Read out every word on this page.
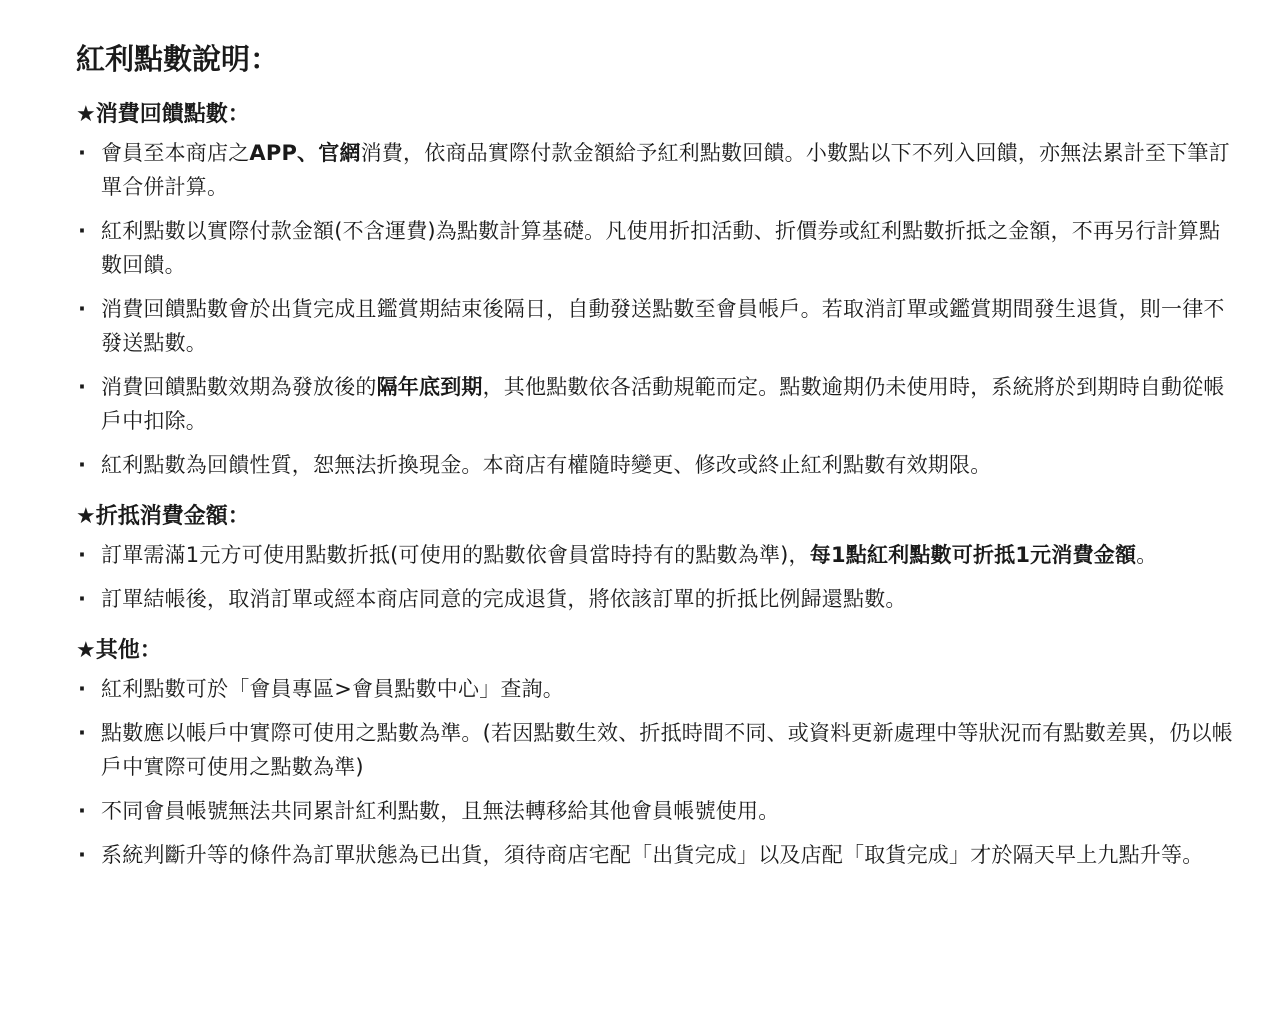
紅利點數說明：
★消費回饋點數：
· 會員至本商店之APP、官網消費，依商品實際付款金額給予紅利點數回饋。小數點以下不列入回饋，亦無法累計至下筆訂單合併計算。
· 紅利點數以實際付款金額(不含運費)為點數計算基礎。凡使用折扣活動、折價券或紅利點數折抵之金額，不再另行計算點數回饋。
· 消費回饋點數會於出貨完成且鑑賞期結束後隔日，自動發送點數至會員帳戶。若取消訂單或鑑賞期間發生退貨，則一律不發送點數。
· 消費回饋點數效期為發放後的隔年底到期，其他點數依各活動規範而定。點數逾期仍未使用時，系統將於到期時自動從帳戶中扣除。
· 紅利點數為回饋性質，恕無法折換現金。本商店有權隨時變更、修改或終止紅利點數有效期限。
★折抵消費金額：
· 訂單需滿1元方可使用點數折抵(可使用的點數依會員當時持有的點數為準)，每1點紅利點數可折抵1元消費金額。
· 訂單結帳後，取消訂單或經本商店同意的完成退貨，將依該訂單的折抵比例歸還點數。
★其他：
· 紅利點數可於「會員專區>會員點數中心」查詢。
· 點數應以帳戶中實際可使用之點數為準。(若因點數生效、折抵時間不同、或資料更新處理中等狀況而有點數差異，仍以帳戶中實際可使用之點數為準)
· 不同會員帳號無法共同累計紅利點數，且無法轉移給其他會員帳號使用。
· 系統判斷升等的條件為訂單狀態為已出貨，須待商店宅配「出貨完成」以及店配「取貨完成」才於隔天早上九點升等。
